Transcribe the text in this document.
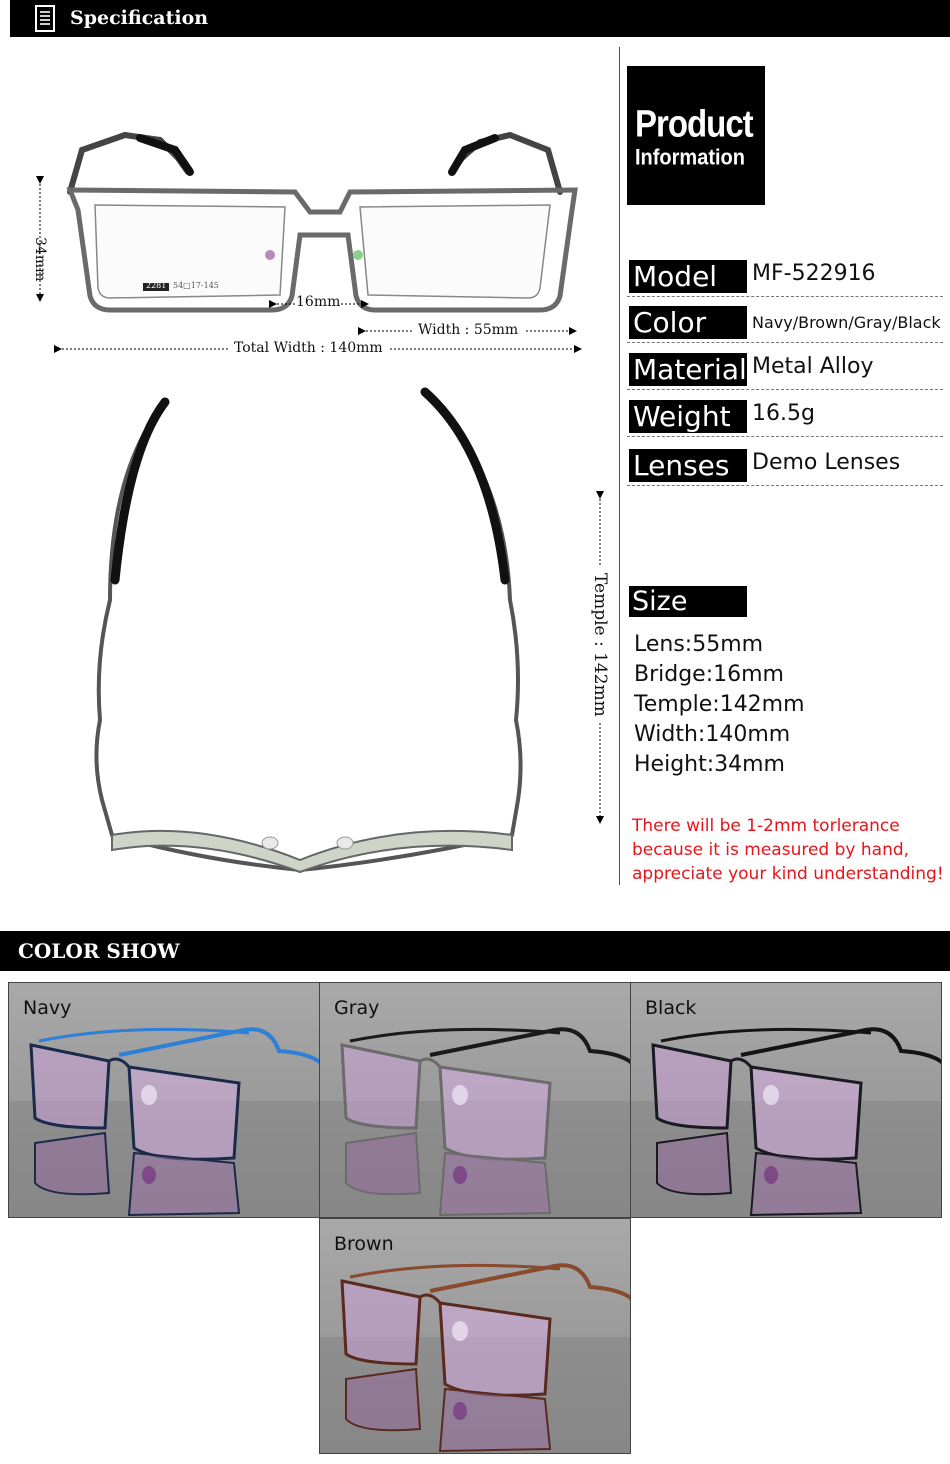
Specification
34mm
2281 54□17-145
16mm
Width : 55mm
Total Width : 140mm
Temple : 142mm
Product
Information
Model	MF-522916
Color	Navy/Brown/Gray/Black
Material Metal Alloy
Weight 16.5g
Lenses	Demo Lenses
Size
Lens:55mm
Bridge:16mm
Temple:142mm
Width:140mm
Height:34mm
There will be 1-2mm torlerance
because it is measured by hand,
appreciate your kind understanding!
COLOR SHOW
Navy	Gray	Black
Brown
